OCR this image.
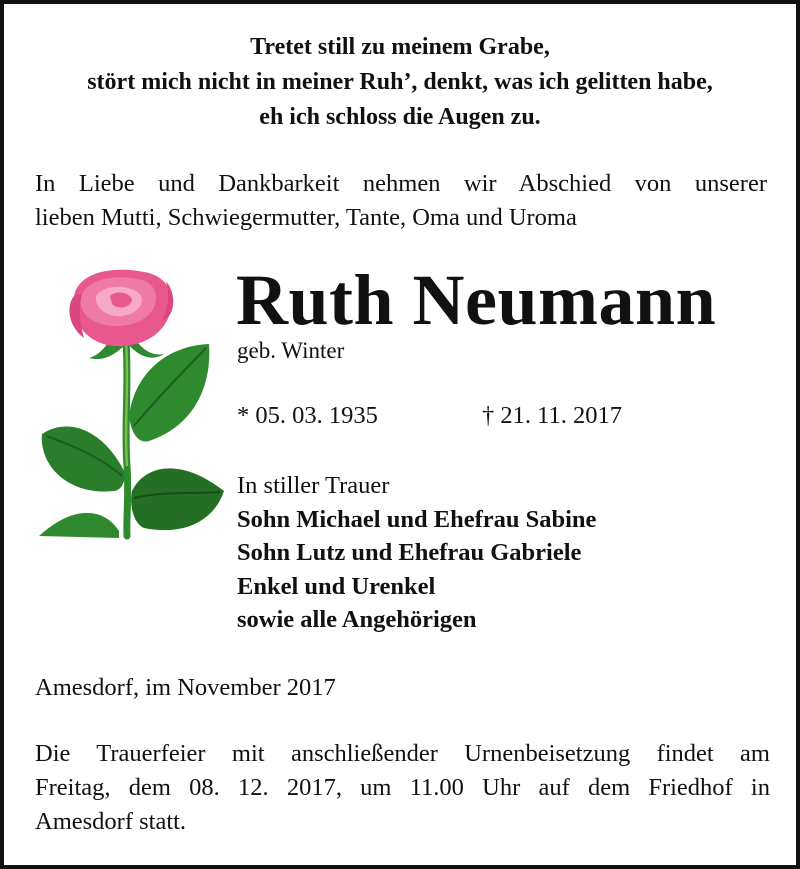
Tretet still zu meinem Grabe,
stört mich nicht in meiner Ruh’, denkt, was ich gelitten habe,
eh ich schloss die Augen zu.
In Liebe und Dankbarkeit nehmen wir Abschied von unserer
lieben Mutti, Schwiegermutter, Tante, Oma und Uroma
Ruth Neumann
geb. Winter
* 05. 03. 1935	† 21. 11. 2017
In stiller Trauer
Sohn Michael und Ehefrau Sabine
Sohn Lutz und Ehefrau Gabriele
Enkel und Urenkel
sowie alle Angehörigen
Amesdorf, im November 2017
Die Trauerfeier mit anschließender Urnenbeisetzung findet am
Freitag, dem 08. 12. 2017, um 11.00 Uhr auf dem Friedhof in
Amesdorf statt.
